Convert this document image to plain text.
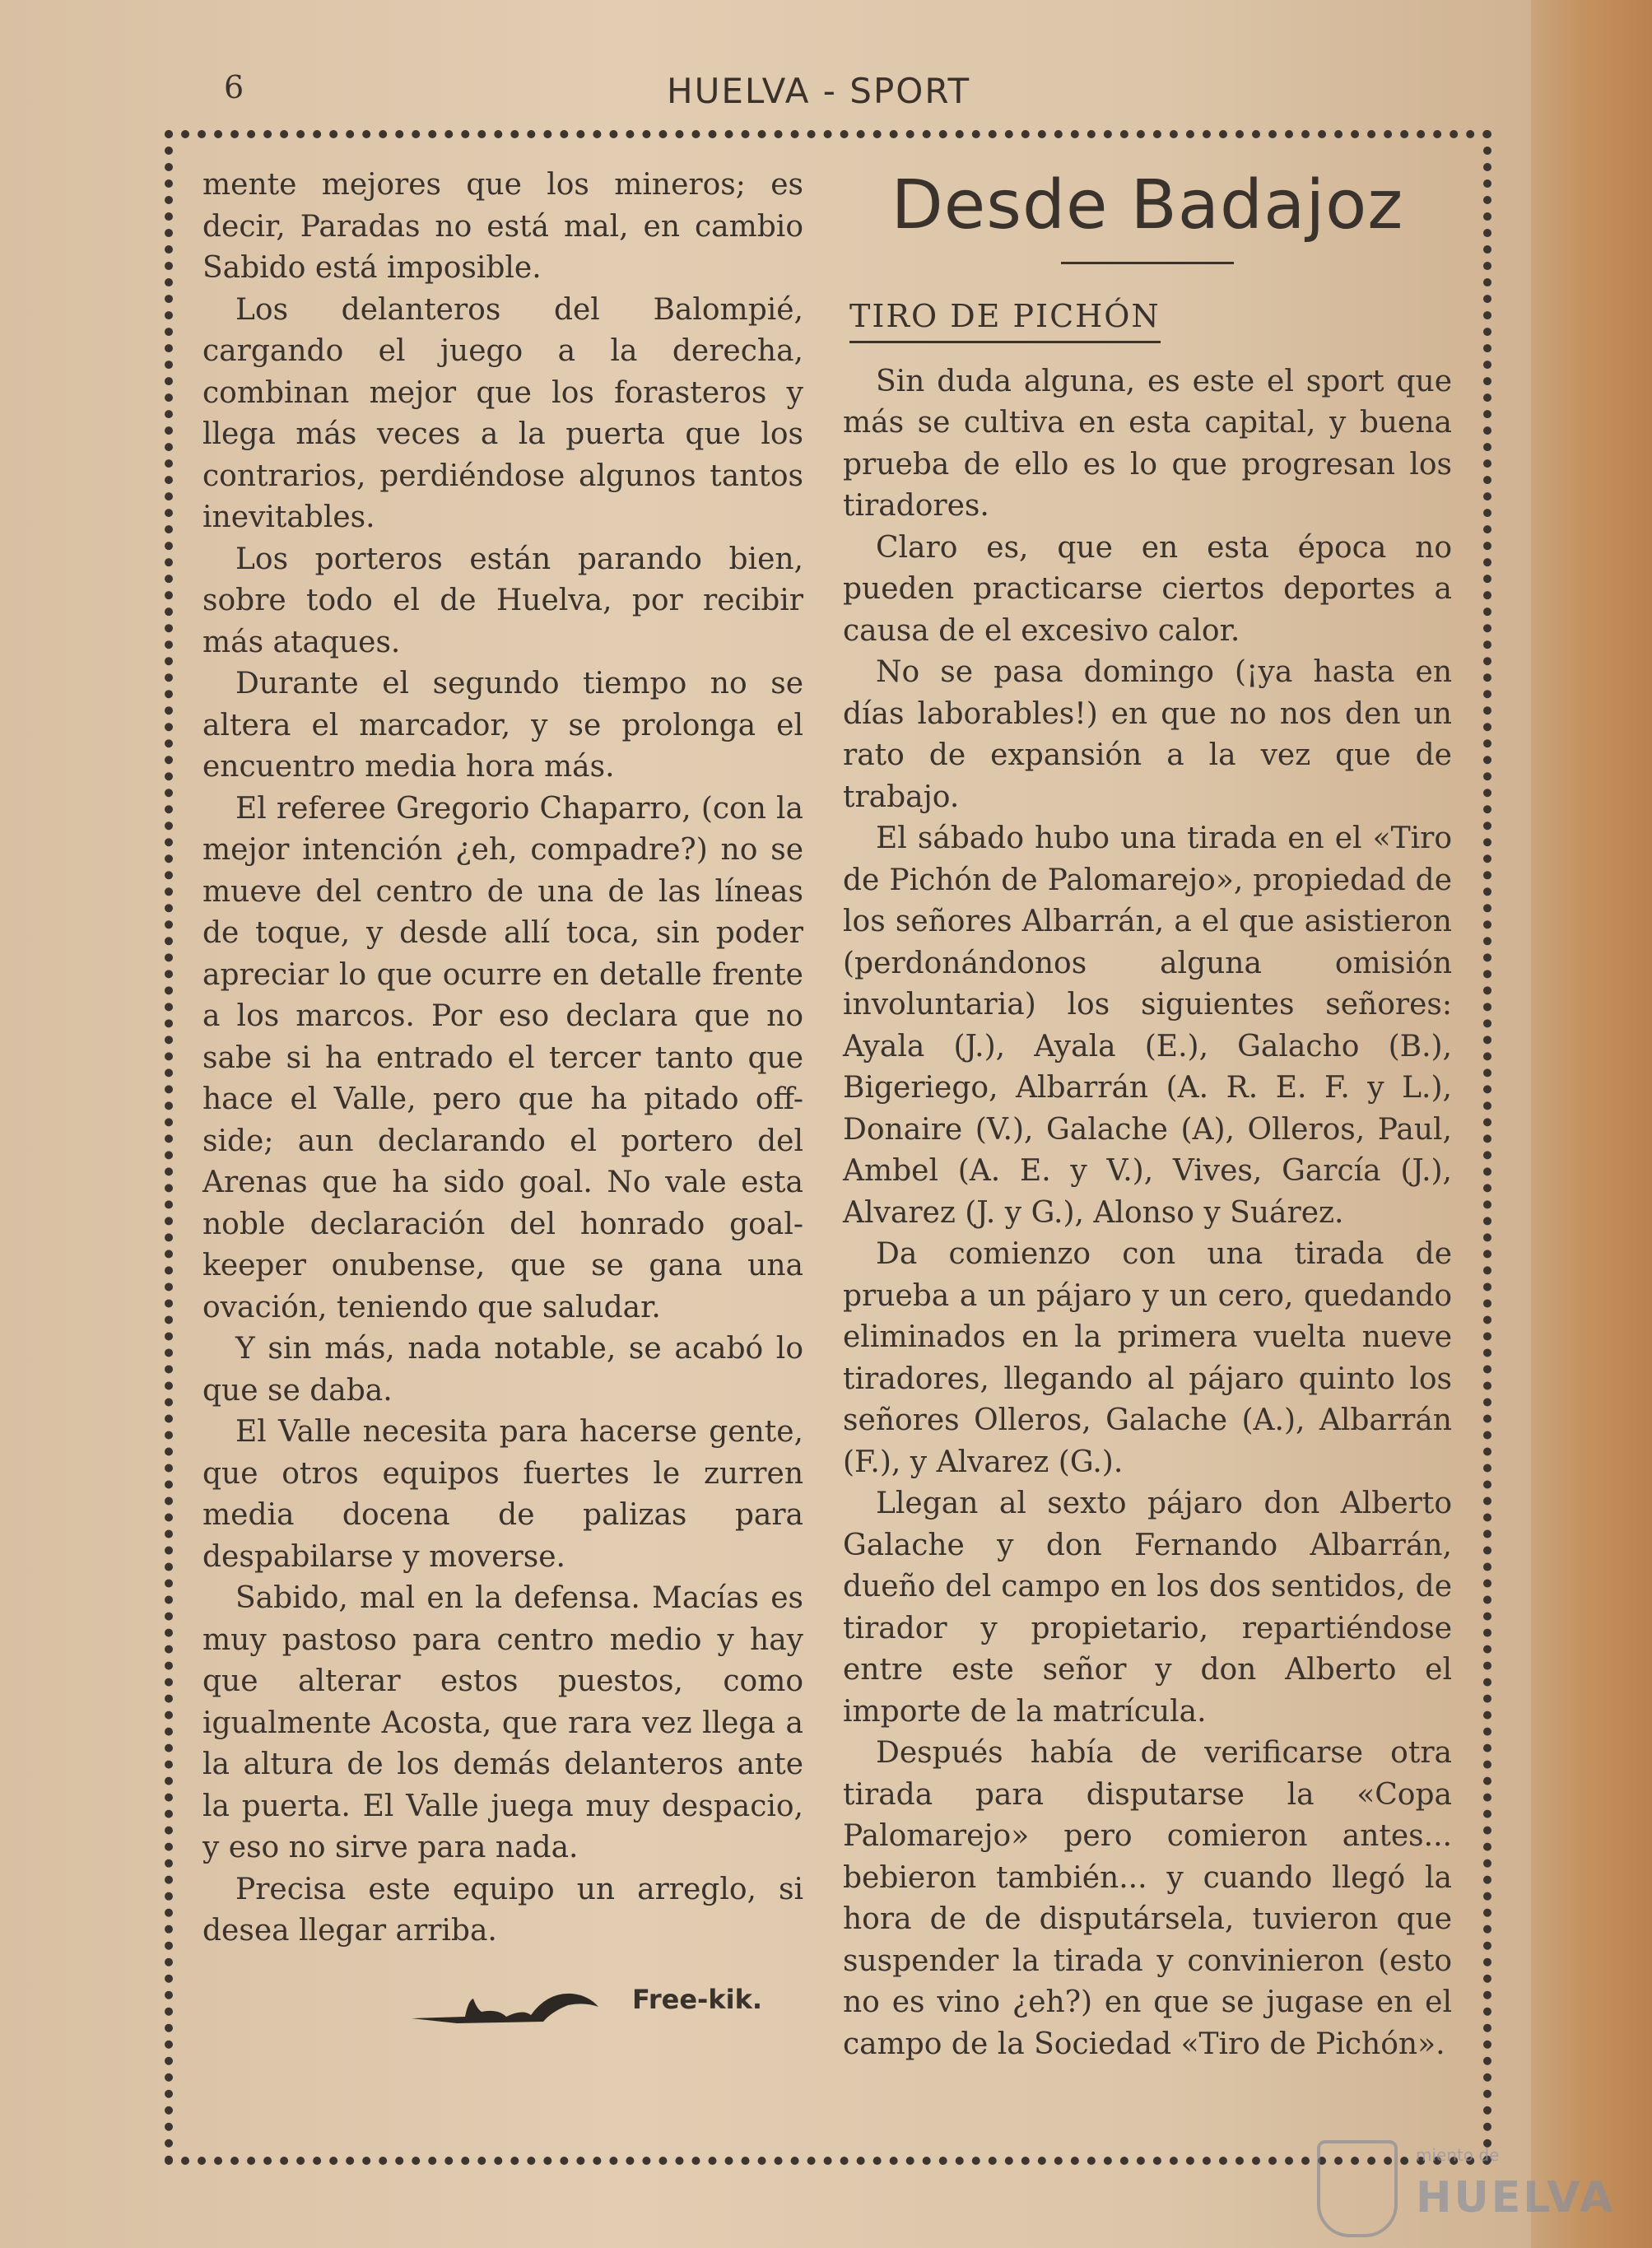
6	HUELVA - SPORT

mente mejores que los mineros; es decir, Paradas no está mal, en cambio Sabido está imposible.

Los delanteros del Balompié, cargando el juego a la derecha, combinan mejor que los forasteros y llega más veces a la puerta que los contrarios, perdiéndose algunos tantos inevitables.

Los porteros están parando bien, sobre todo el de Huelva, por recibir más ataques.

Durante el segundo tiempo no se altera el marcador, y se prolonga el encuentro media hora más.

El referee Gregorio Chaparro, (con la mejor intención ¿eh, compadre?) no se mueve del centro de una de las líneas de toque, y desde allí toca, sin poder apreciar lo que ocurre en detalle frente a los marcos. Por eso declara que no sabe si ha entrado el tercer tanto que hace el Valle, pero que ha pitado off-side; aun declarando el portero del Arenas que ha sido goal. No vale esta noble declaración del honrado goal-keeper onubense, que se gana una ovación, teniendo que saludar.

Y sin más, nada notable, se acabó lo que se daba.

El Valle necesita para hacerse gente, que otros equipos fuertes le zurren media docena de palizas para despabilarse y moverse.

Sabido, mal en la defensa. Macías es muy pastoso para centro medio y hay que alterar estos puestos, como igualmente Acosta, que rara vez llega a la altura de los demás delanteros ante la puerta. El Valle juega muy despacio, y eso no sirve para nada.

Precisa este equipo un arreglo, si desea llegar arriba.

Free-kik.
Desde Badajoz
TIRO DE PICHÓN

Sin duda alguna, es este el sport que más se cultiva en esta capital, y buena prueba de ello es lo que progresan los tiradores.

Claro es, que en esta época no pueden practicarse ciertos deportes a causa de el excesivo calor.

No se pasa domingo (¡ya hasta en días laborables!) en que no nos den un rato de expansión a la vez que de trabajo.

El sábado hubo una tirada en el «Tiro de Pichón de Palomarejo», propiedad de los señores Albarrán, a el que asistieron (perdonándonos alguna omisión involuntaria) los siguientes señores: Ayala (J.), Ayala (E.), Galacho (B.), Bigeriego, Albarrán (A. R. E. F. y L.), Donaire (V.), Galache (A), Olleros, Paul, Ambel (A. E. y V.), Vives, García (J.), Alvarez (J. y G.), Alonso y Suárez.

Da comienzo con una tirada de prueba a un pájaro y un cero, quedando eliminados en la primera vuelta nueve tiradores, llegando al pájaro quinto los señores Olleros, Galache (A.), Albarrán (F.), y Alvarez (G.).

Llegan al sexto pájaro don Alberto Galache y don Fernando Albarrán, dueño del campo en los dos sentidos, de tirador y propietario, repartiéndose entre este señor y don Alberto el importe de la matrícula.

Después había de verificarse otra tirada para disputarse la «Copa Palomarejo» pero comieron antes... bebieron también... y cuando llegó la hora de de disputársela, tuvieron que suspender la tirada y convinieron (esto no es vino ¿eh?) en que se jugase en el campo de la Sociedad «Tiro de Pichón».

miento de
HUELVA
